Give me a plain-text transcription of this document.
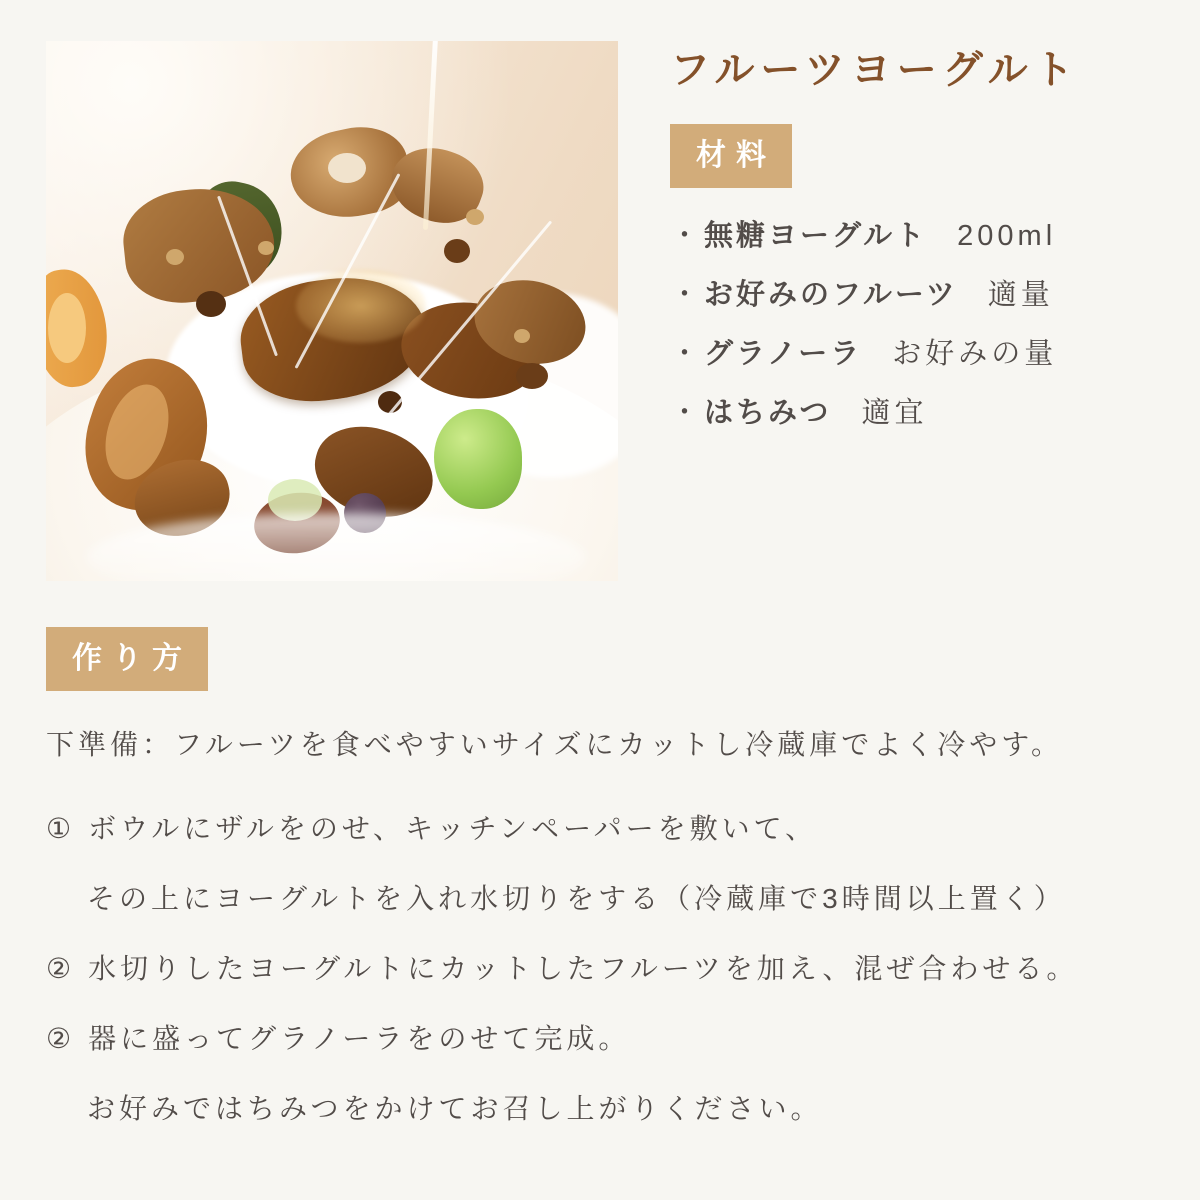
フルーツヨーグルト
材料
・ 無糖ヨーグルト 200ml
・ お好みのフルーツ 適量
・ グラノーラ お好みの量
・ はちみつ 適宜
作り方
下準備：フルーツを食べやすいサイズにカットし冷蔵庫でよく冷やす。
① ボウルにザルをのせ、キッチンペーパーを敷いて、
その上にヨーグルトを入れ水切りをする（冷蔵庫で3時間以上置く）
② 水切りしたヨーグルトにカットしたフルーツを加え、混ぜ合わせる。
② 器に盛ってグラノーラをのせて完成。
お好みではちみつをかけてお召し上がりください。
